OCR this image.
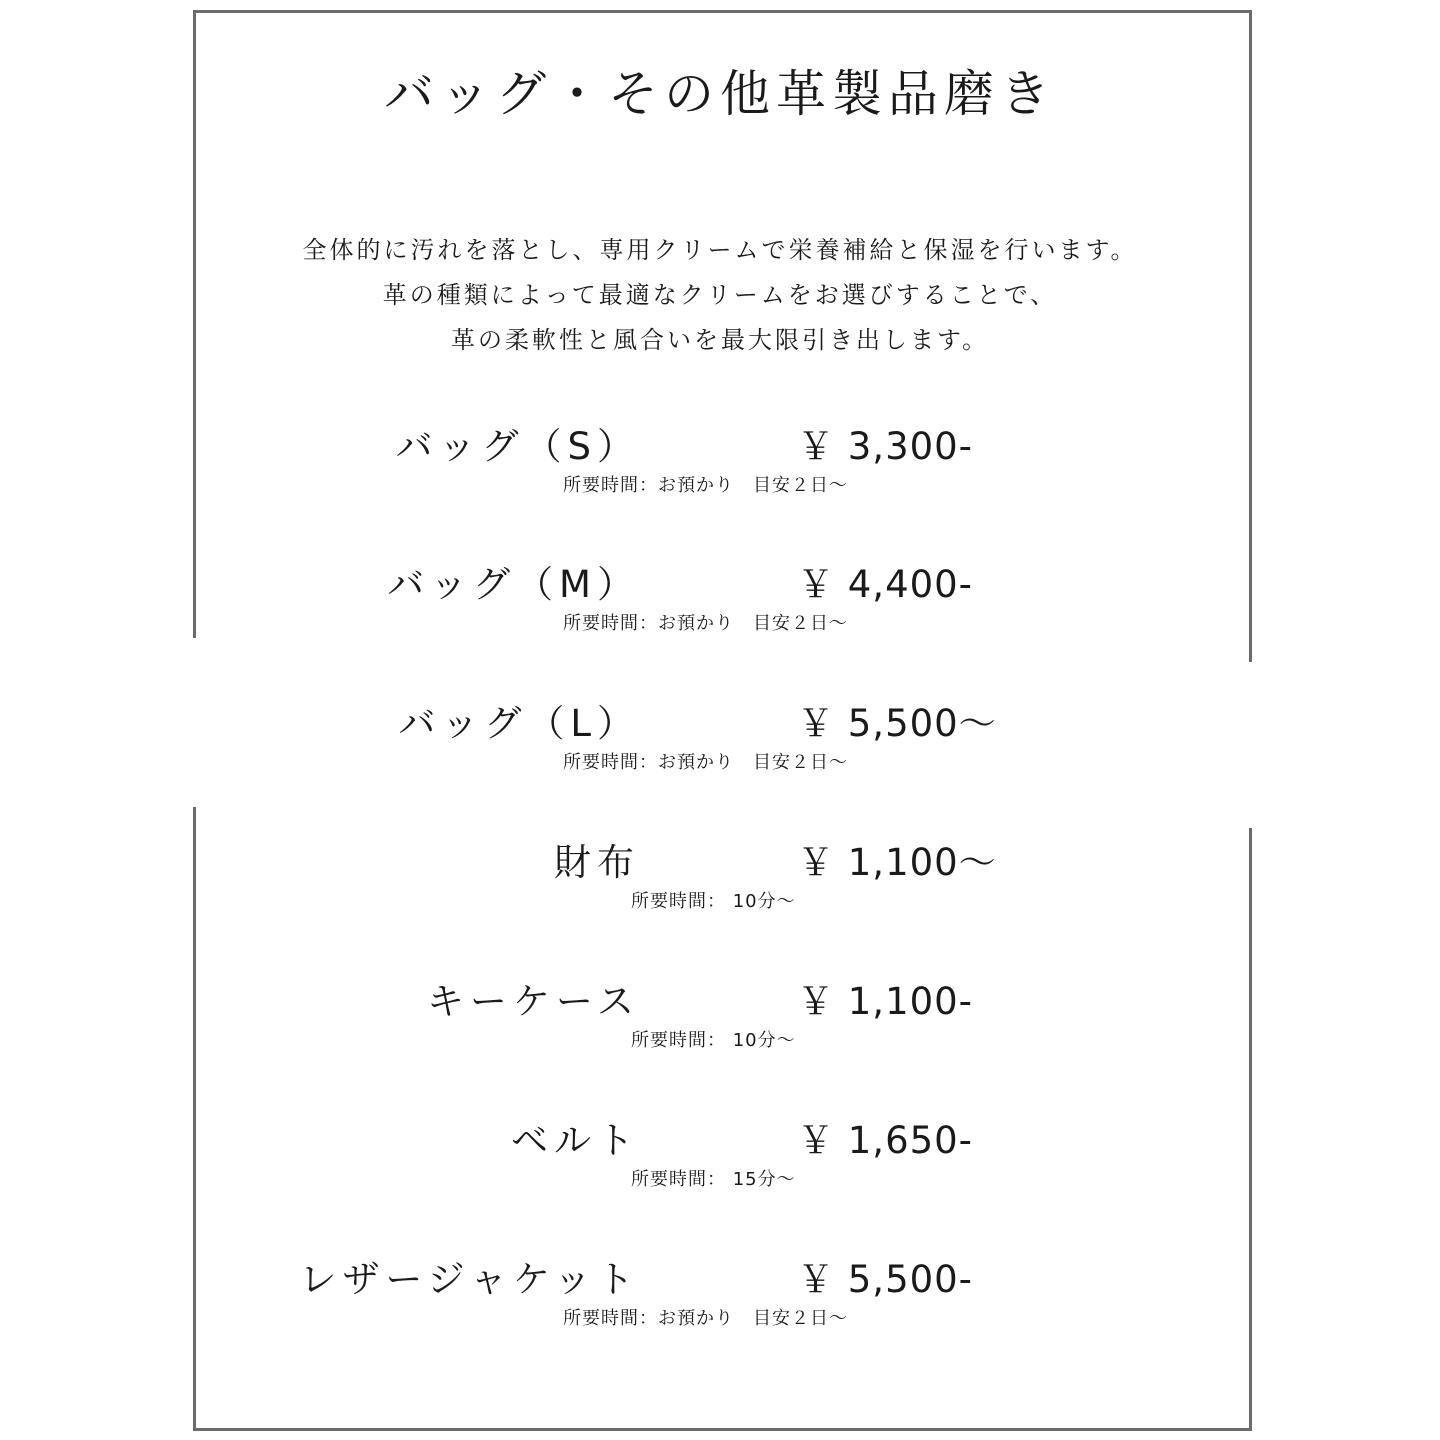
バッグ・その他革製品磨き
全体的に汚れを落とし、専用クリームで栄養補給と保湿を行います。
革の種類によって最適なクリームをお選びすることで、
革の柔軟性と風合いを最大限引き出します。
バッグ（S）	￥ 3,300-
所要時間：お預かり　目安２日～
バッグ（M）	￥ 4,400-
所要時間：お預かり　目安２日～
バッグ（L）	￥ 5,500～
所要時間：お預かり　目安２日～
財布	￥ 1,100～
所要時間： 10分～
キーケース	￥ 1,100-
所要時間： 10分～
ベルト	￥ 1,650-
所要時間： 15分～
レザージャケット	￥ 5,500-
所要時間：お預かり　目安２日～
